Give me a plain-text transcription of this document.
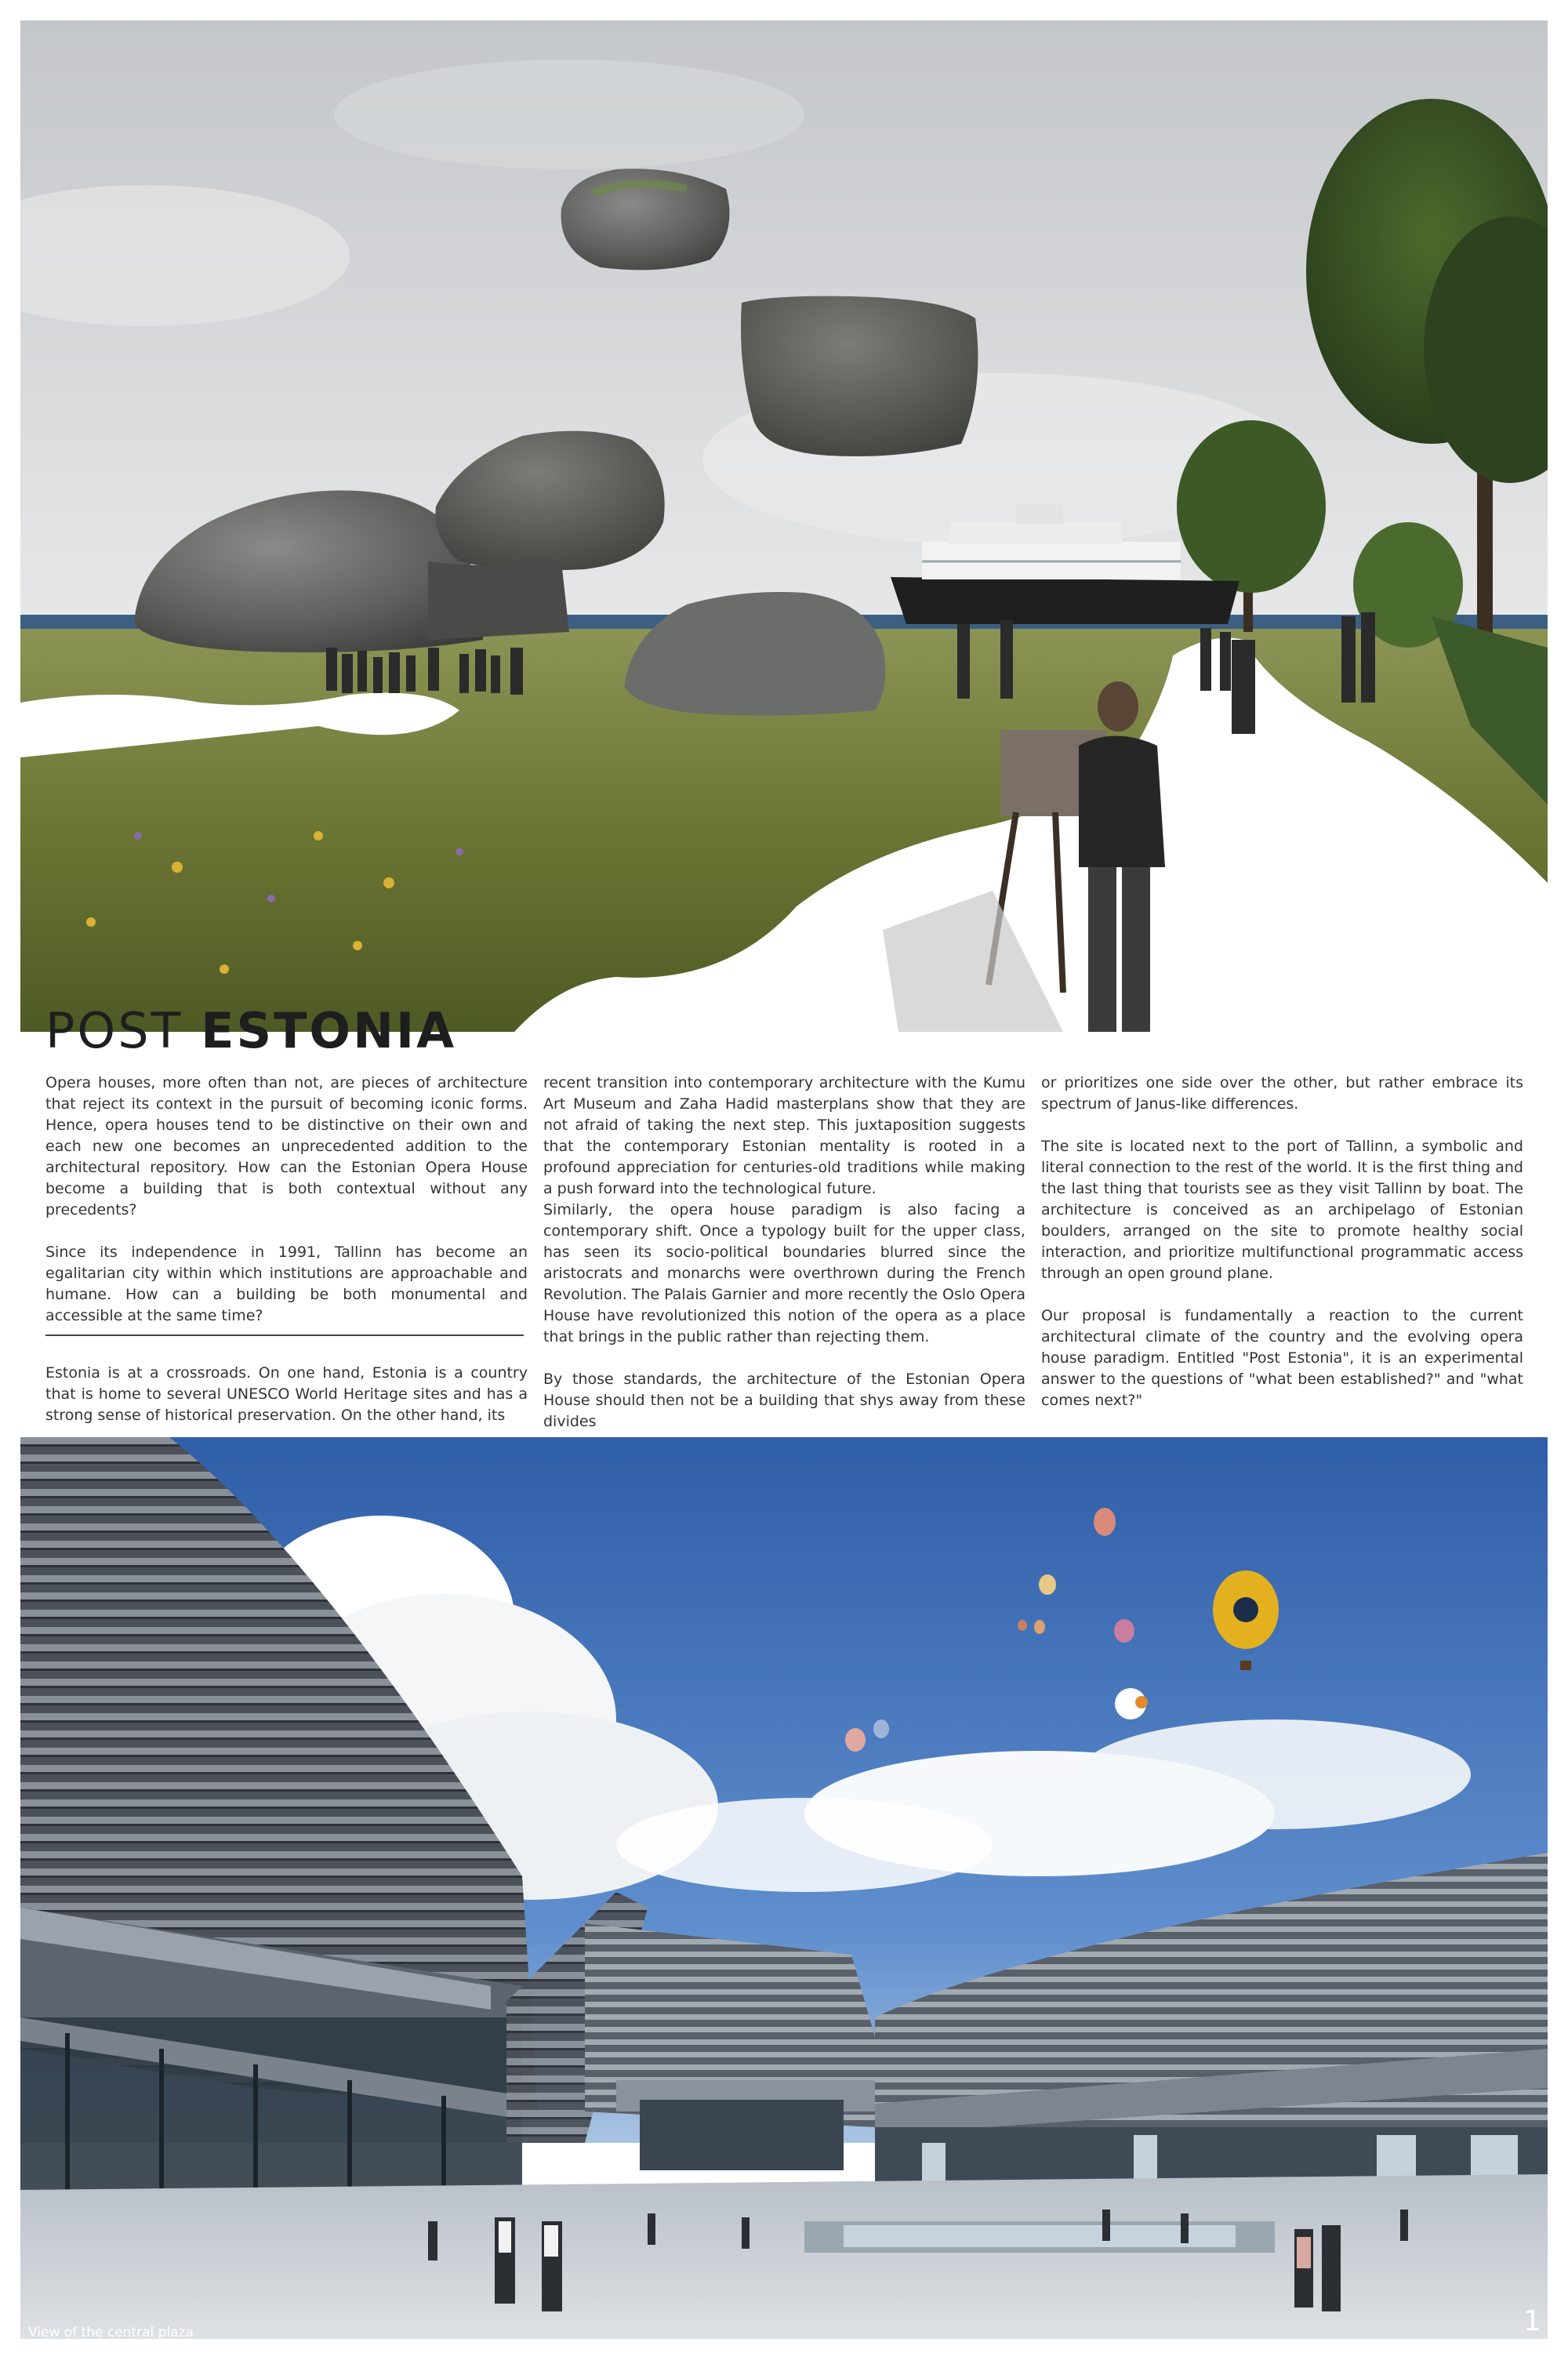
POST ESTONIA

Opera houses, more often than not, are pieces of architecture that reject its context in the pursuit of becoming iconic forms. Hence, opera houses tend to be distinctive on their own and each new one becomes an unprecedented addition to the architectural repository. How can the Estonian Opera House become a building that is both contextual without any precedents?

Since its independence in 1991, Tallinn has become an egalitarian city within which institutions are approachable and humane. How can a building be both monumental and accessible at the same time?

Estonia is at a crossroads. On one hand, Estonia is a country that is home to several UNESCO World Heritage sites and has a strong sense of historical preservation. On the other hand, its

recent transition into contemporary architecture with the Kumu Art Museum and Zaha Hadid masterplans show that they are not afraid of taking the next step. This juxtaposition suggests that the contemporary Estonian mentality is rooted in a profound appreciation for centuries-old traditions while making a push forward into the technological future.

Similarly, the opera house paradigm is also facing a contemporary shift. Once a typology built for the upper class, has seen its socio-political boundaries blurred since the aristocrats and monarchs were overthrown during the French Revolution. The Palais Garnier and more recently the Oslo Opera House have revolutionized this notion of the opera as a place that brings in the public rather than rejecting them.

By those standards, the architecture of the Estonian Opera House should then not be a building that shys away from these divides

or prioritizes one side over the other, but rather embrace its spectrum of Janus-like differences.

The site is located next to the port of Tallinn, a symbolic and literal connection to the rest of the world. It is the first thing and the last thing that tourists see as they visit Tallinn by boat. The architecture is conceived as an archipelago of Estonian boulders, arranged on the site to promote healthy social interaction, and prioritize multifunctional programmatic access through an open ground plane.

Our proposal is fundamentally a reaction to the current architectural climate of the country and the evolving opera house paradigm. Entitled "Post Estonia", it is an experimental answer to the questions of "what been established?" and "what comes next?"

View of the central plaza	1
